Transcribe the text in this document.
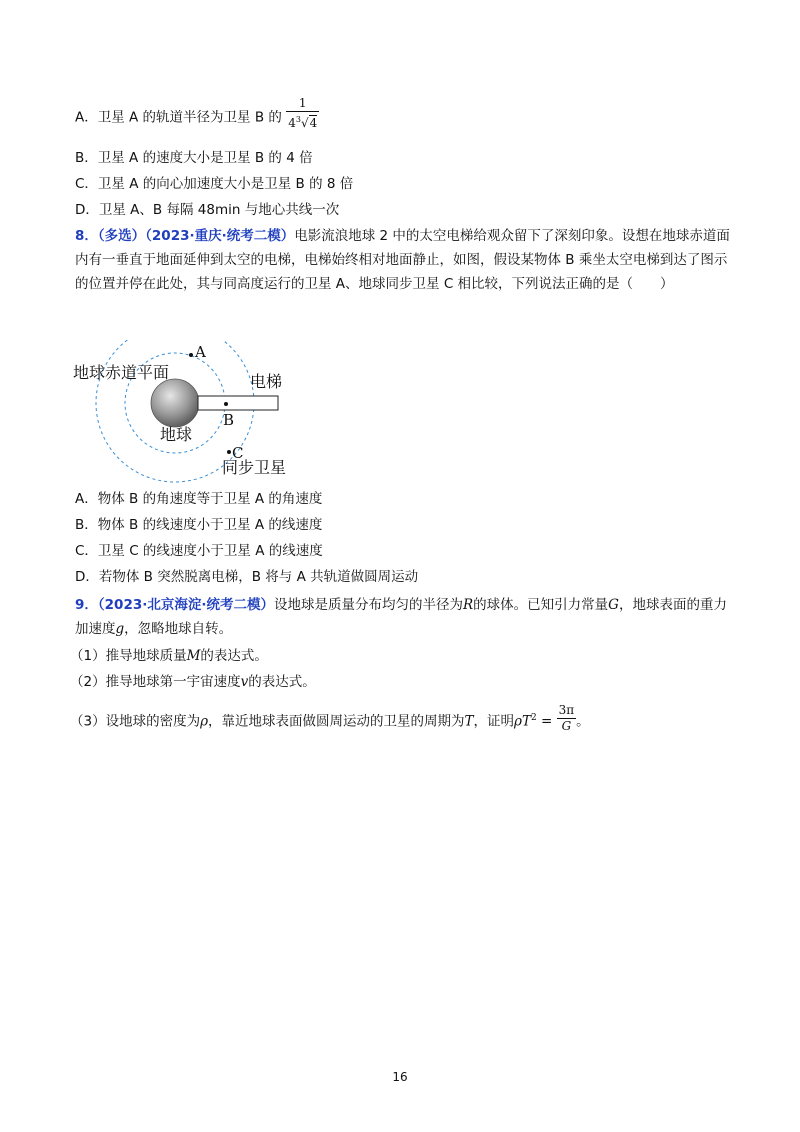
A．卫星 A 的轨道半径为卫星 B 的 $\frac{1}{4^3√4}$
B．卫星 A 的速度大小是卫星 B 的 4 倍
C．卫星 A 的向心加速度大小是卫星 B 的 8 倍
D．卫星 A、B 每隔 48min 与地心共线一次
8．（多选）（2023·重庆·统考二模）电影流浪地球 2 中的太空电梯给观众留下了深刻印象。设想在地球赤道面内有一垂直于地面延伸到太空的电梯，电梯始终相对地面静止，如图，假设某物体 B 乘坐太空电梯到达了图示的位置并停在此处，其与同高度运行的卫星 A、地球同步卫星 C 相比较，下列说法正确的是（　　）
A
B
C
地球赤道平面	电梯
地球
同步卫星
A．物体 B 的角速度等于卫星 A 的角速度
B．物体 B 的线速度小于卫星 A 的线速度
C．卫星 C 的线速度小于卫星 A 的线速度
D．若物体 B 突然脱离电梯，B 将与 A 共轨道做圆周运动
9．（2023·北京海淀·统考二模）设地球是质量分布均匀的半径为R的球体。已知引力常量G，地球表面的重力加速度g，忽略地球自转。
（1）推导地球质量M的表达式。
（2）推导地球第一宇宙速度v的表达式。
（3）设地球的密度为ρ，靠近地球表面做圆周运动的卫星的周期为T，证明$\rho T^2 = \frac{3\pi}{G}$ 。
16
